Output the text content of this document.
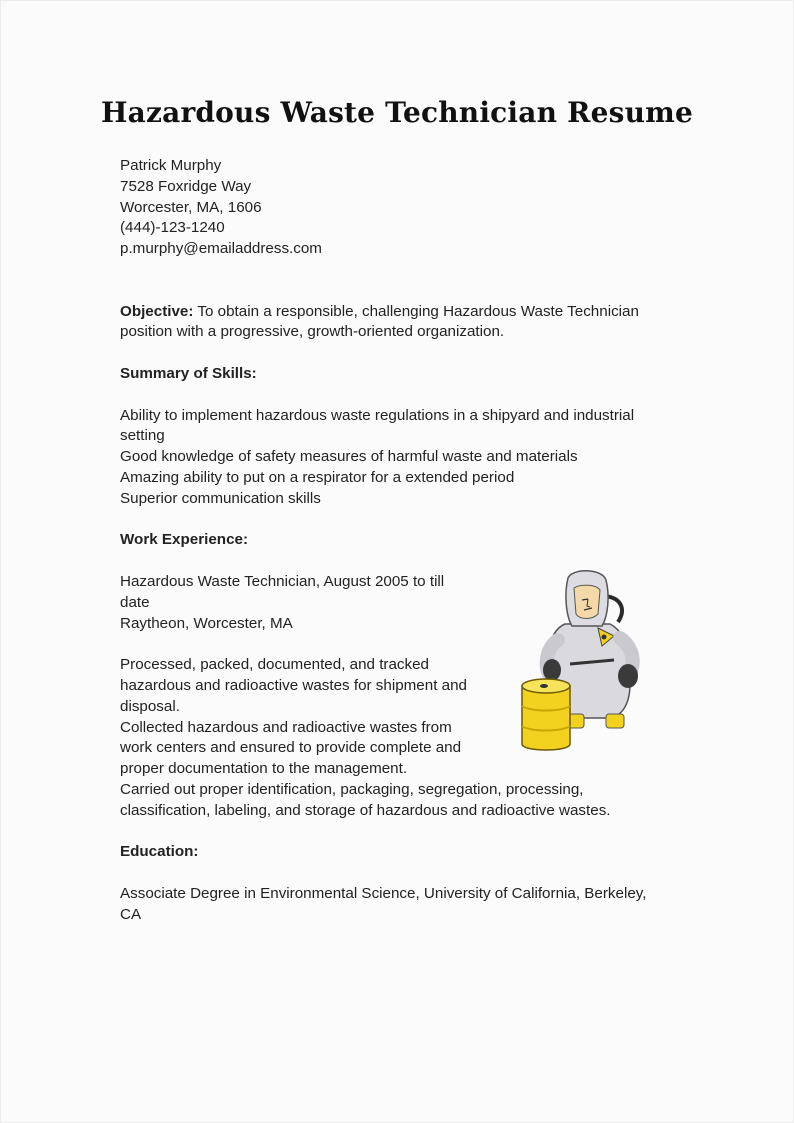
Hazardous Waste Technician Resume
Patrick Murphy
7528 Foxridge Way
Worcester, MA, 1606
(444)-123-1240
p.murphy@emailaddress.com
Objective: To obtain a responsible, challenging Hazardous Waste Technician
position with a progressive, growth-oriented organization.
Summary of Skills:
Ability to implement hazardous waste regulations in a shipyard and industrial
setting
Good knowledge of safety measures of harmful waste and materials
Amazing ability to put on a respirator for a extended period
Superior communication skills
Work Experience:
Hazardous Waste Technician, August 2005 to till
date
Raytheon, Worcester, MA
Processed, packed, documented, and tracked
hazardous and radioactive wastes for shipment and
disposal.
Collected hazardous and radioactive wastes from
work centers and ensured to provide complete and
proper documentation to the management.
Carried out proper identification, packaging, segregation, processing,
classification, labeling, and storage of hazardous and radioactive wastes.
Education:
Associate Degree in Environmental Science, University of California, Berkeley,
CA
